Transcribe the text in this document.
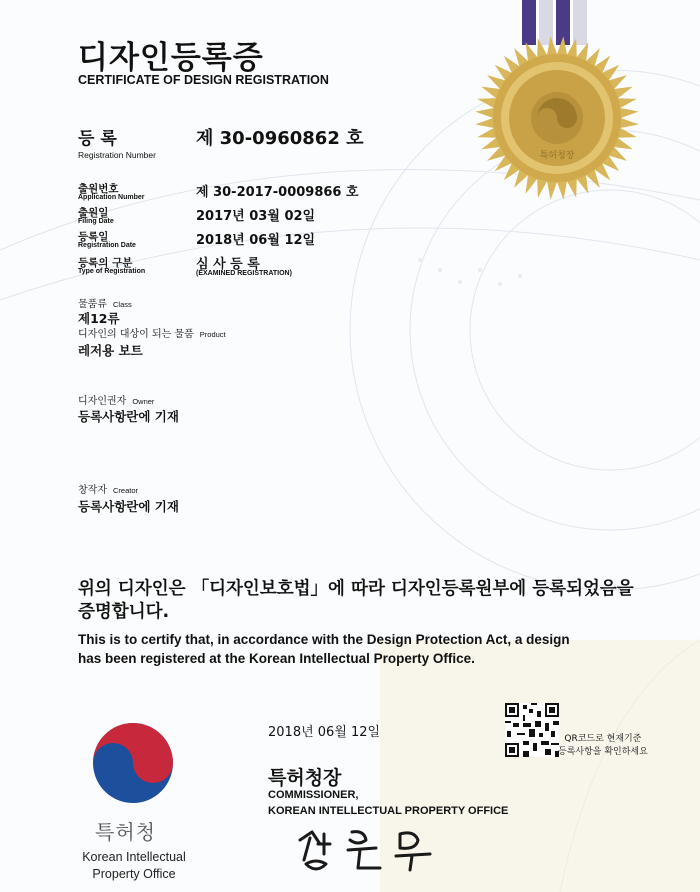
특허청장
디자인등록증
CERTIFICATE OF DESIGN REGISTRATION
등 록
Registration Number
제 30-0960862 호
출원번호
Application Number	제 30-2017-0009866 호
출원일
Filing Date	2017년 03월 02일
등록일
Registration Date	2018년 06월 12일
등록의 구분
Type of Registration	심 사 등 록
(EXAMINED REGISTRATION)
물품류 Class
제12류
디자인의 대상이 되는 물품 Product
레저용 보트
디자인권자 Owner
등록사항란에 기재
창작자 Creator
등록사항란에 기재
위의 디자인은 「디자인보호법」에 따라 디자인등록원부에 등록되었음을
증명합니다.
This is to certify that, in accordance with the Design Protection Act, a design
has been registered at the Korean Intellectual Property Office.
2018년 06월 12일	QR코드로 현재기준
등록사항을 확인하세요
특허청장
COMMISSIONER,
KOREAN INTELLECTUAL PROPERTY OFFICE
특허청
Korean Intellectual
Property Office
